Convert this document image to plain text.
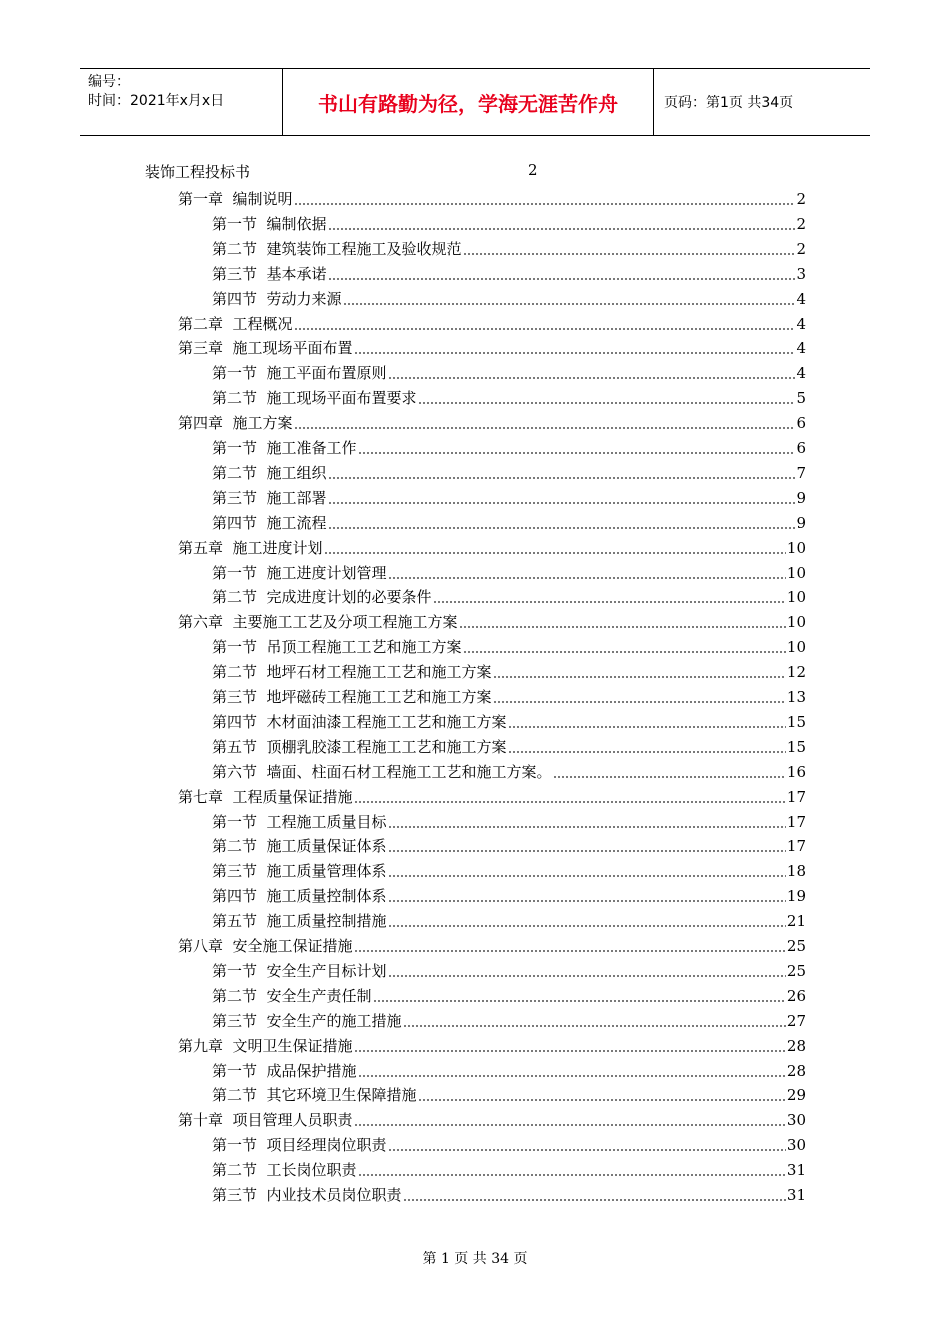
编号：
时间：2021年x月x日	书山有路勤为径，学海无涯苦作舟	页码：第1页 共34页
装饰工程投标书	2
第一章  编制说明	2
第一节  编制依据	2
第二节  建筑装饰工程施工及验收规范	2
第三节  基本承诺	3
第四节  劳动力来源	4
第二章  工程概况	4
第三章  施工现场平面布置	4
第一节  施工平面布置原则	4
第二节  施工现场平面布置要求	5
第四章  施工方案	6
第一节  施工准备工作	6
第二节  施工组织	7
第三节  施工部署	9
第四节  施工流程	9
第五章  施工进度计划	10
第一节  施工进度计划管理	10
第二节  完成进度计划的必要条件	10
第六章  主要施工工艺及分项工程施工方案	10
第一节  吊顶工程施工工艺和施工方案	10
第二节  地坪石材工程施工工艺和施工方案	12
第三节  地坪磁砖工程施工工艺和施工方案	13
第四节  木材面油漆工程施工工艺和施工方案	15
第五节  顶棚乳胶漆工程施工工艺和施工方案	15
第六节  墙面、柱面石材工程施工工艺和施工方案。	16
第七章  工程质量保证措施	17
第一节  工程施工质量目标	17
第二节  施工质量保证体系	17
第三节  施工质量管理体系	18
第四节  施工质量控制体系	19
第五节  施工质量控制措施	21
第八章  安全施工保证措施	25
第一节  安全生产目标计划	25
第二节  安全生产责任制	26
第三节  安全生产的施工措施	27
第九章  文明卫生保证措施	28
第一节  成品保护措施	28
第二节  其它环境卫生保障措施	29
第十章  项目管理人员职责	30
第一节  项目经理岗位职责	30
第二节  工长岗位职责	31
第三节  内业技术员岗位职责	31
第 1 页 共 34 页
